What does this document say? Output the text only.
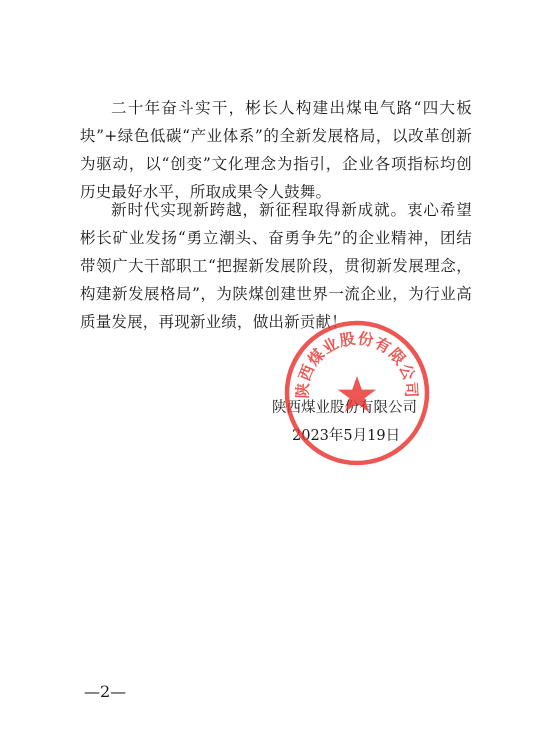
二十年奋斗实干，彬长人构建出煤电气路“四大板块”+绿色低碳“产业体系”的全新发展格局，以改革创新为驱动，以“创变”文化理念为指引，企业各项指标均创历史最好水平，所取成果令人鼓舞。

新时代实现新跨越，新征程取得新成就。衷心希望彬长矿业发扬“勇立潮头、奋勇争先”的企业精神，团结带领广大干部职工“把握新发展阶段，贯彻新发展理念，构建新发展格局”，为陕煤创建世界一流企业，为行业高质量发展，再现新业绩，做出新贡献！

陕西煤业股份有限公司
2023年5月19日
陕西煤业股份有限公司
—2—
